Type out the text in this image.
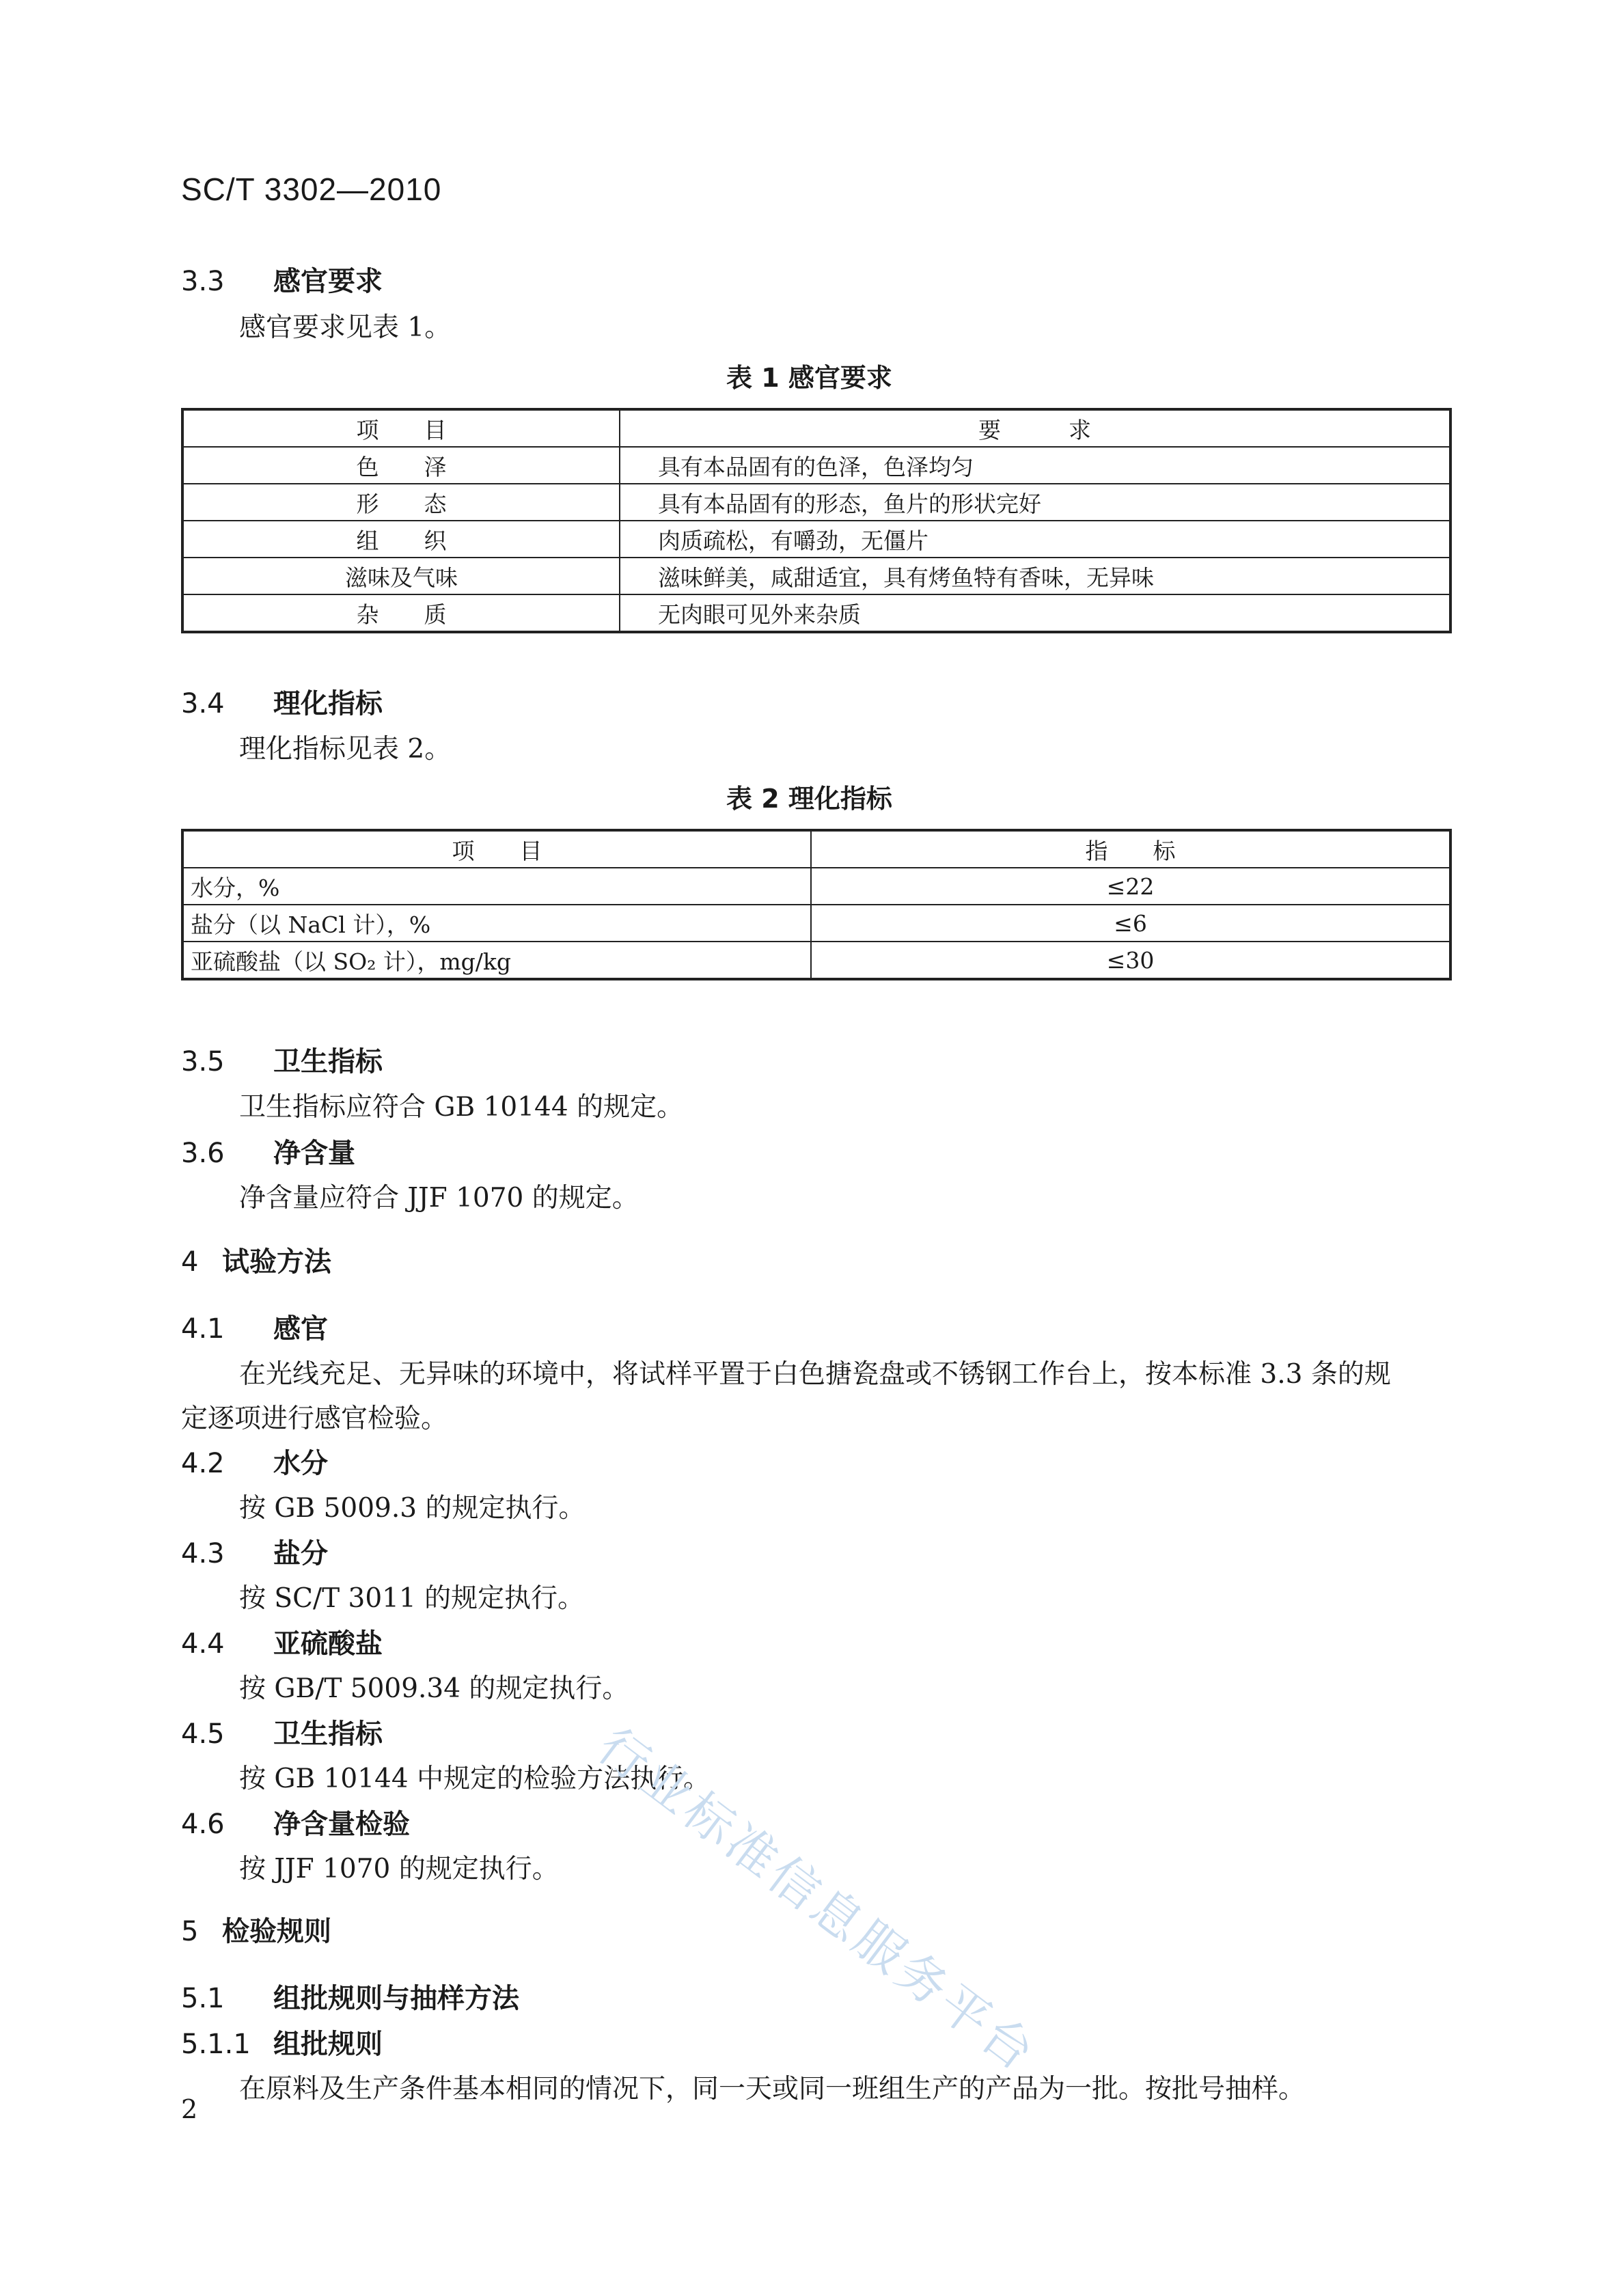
SC/T 3302—2010
3.3 感官要求
感官要求见表 1。
表 1 感官要求
项　　目	要　　　求
色　　泽	具有本品固有的色泽，色泽均匀
形　　态	具有本品固有的形态，鱼片的形状完好
组　　织	肉质疏松，有嚼劲，无僵片
滋味及气味	滋味鲜美，咸甜适宜，具有烤鱼特有香味，无异味
杂　　质	无肉眼可见外来杂质
3.4 理化指标
理化指标见表 2。
表 2 理化指标
项　　目	指　　标
水分，%	≤22
盐分（以 NaCl 计），%	≤6
亚硫酸盐（以 SO₂ 计），mg/kg	≤30
3.5 卫生指标
卫生指标应符合 GB 10144 的规定。
3.6 净含量
净含量应符合 JJF 1070 的规定。
4 试验方法
4.1 感官
在光线充足、无异味的环境中，将试样平置于白色搪瓷盘或不锈钢工作台上，按本标准 3.3 条的规
定逐项进行感官检验。
4.2 水分
按 GB 5009.3 的规定执行。
4.3 盐分
按 SC/T 3011 的规定执行。
4.4 亚硫酸盐
按 GB/T 5009.34 的规定执行。
4.5 卫生指标
按 GB 10144 中规定的检验方法执行。
4.6 净含量检验
按 JJF 1070 的规定执行。
5 检验规则
5.1 组批规则与抽样方法
5.1.1 组批规则
在原料及生产条件基本相同的情况下，同一天或同一班组生产的产品为一批。按批号抽样。
行业标准信息服务平台
2
